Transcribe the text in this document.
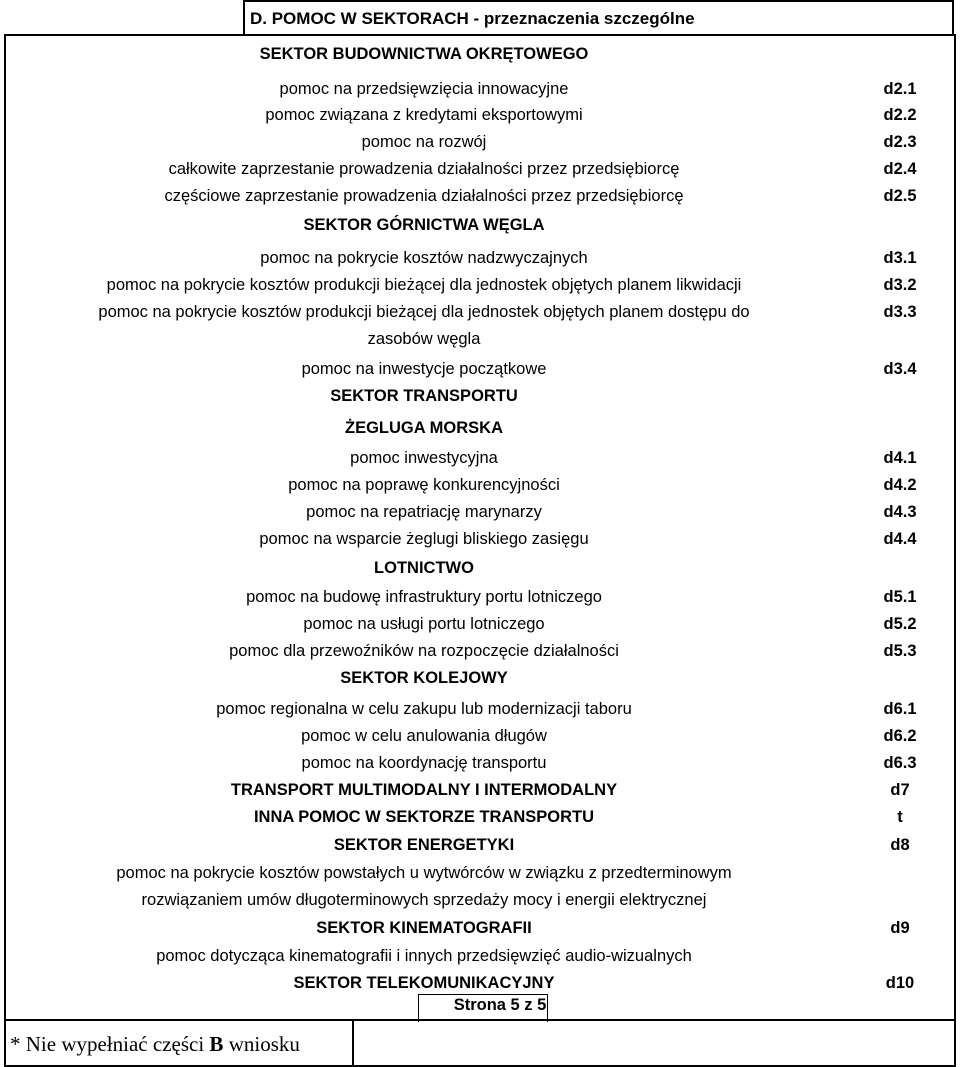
D. POMOC W SEKTORACH - przeznaczenia szczególne
SEKTOR BUDOWNICTWA OKRĘTOWEGO
pomoc na przedsięwzięcia innowacyjne	d2.1
pomoc związana z kredytami eksportowymi	d2.2
pomoc na rozwój	d2.3
całkowite zaprzestanie prowadzenia działalności przez przedsiębiorcę	d2.4
częściowe zaprzestanie prowadzenia działalności przez przedsiębiorcę	d2.5
SEKTOR GÓRNICTWA WĘGLA
pomoc na pokrycie kosztów nadzwyczajnych	d3.1
pomoc na pokrycie kosztów produkcji bieżącej dla jednostek objętych planem likwidacji	d3.2
pomoc na pokrycie kosztów produkcji bieżącej dla jednostek objętych planem dostępu do	d3.3
zasobów węgla
pomoc na inwestycje początkowe	d3.4
SEKTOR TRANSPORTU
ŻEGLUGA MORSKA
pomoc inwestycyjna	d4.1
pomoc na poprawę konkurencyjności	d4.2
pomoc na repatriację marynarzy	d4.3
pomoc na wsparcie żeglugi bliskiego zasięgu	d4.4
LOTNICTWO
pomoc na budowę infrastruktury portu lotniczego	d5.1
pomoc na usługi portu lotniczego	d5.2
pomoc dla przewoźników na rozpoczęcie działalności	d5.3
SEKTOR KOLEJOWY
pomoc regionalna w celu zakupu lub modernizacji taboru	d6.1
pomoc w celu anulowania długów	d6.2
pomoc na koordynację transportu	d6.3
TRANSPORT MULTIMODALNY I INTERMODALNY	d7
INNA POMOC W SEKTORZE TRANSPORTU	t
SEKTOR ENERGETYKI	d8
pomoc na pokrycie kosztów powstałych u wytwórców w związku z przedterminowym
rozwiązaniem umów długoterminowych sprzedaży mocy i energii elektrycznej
SEKTOR KINEMATOGRAFII	d9
pomoc dotycząca kinematografii i innych przedsięwzięć audio-wizualnych
SEKTOR TELEKOMUNIKACYJNY	d10
Strona 5 z 5
* Nie wypełniać części B wniosku
